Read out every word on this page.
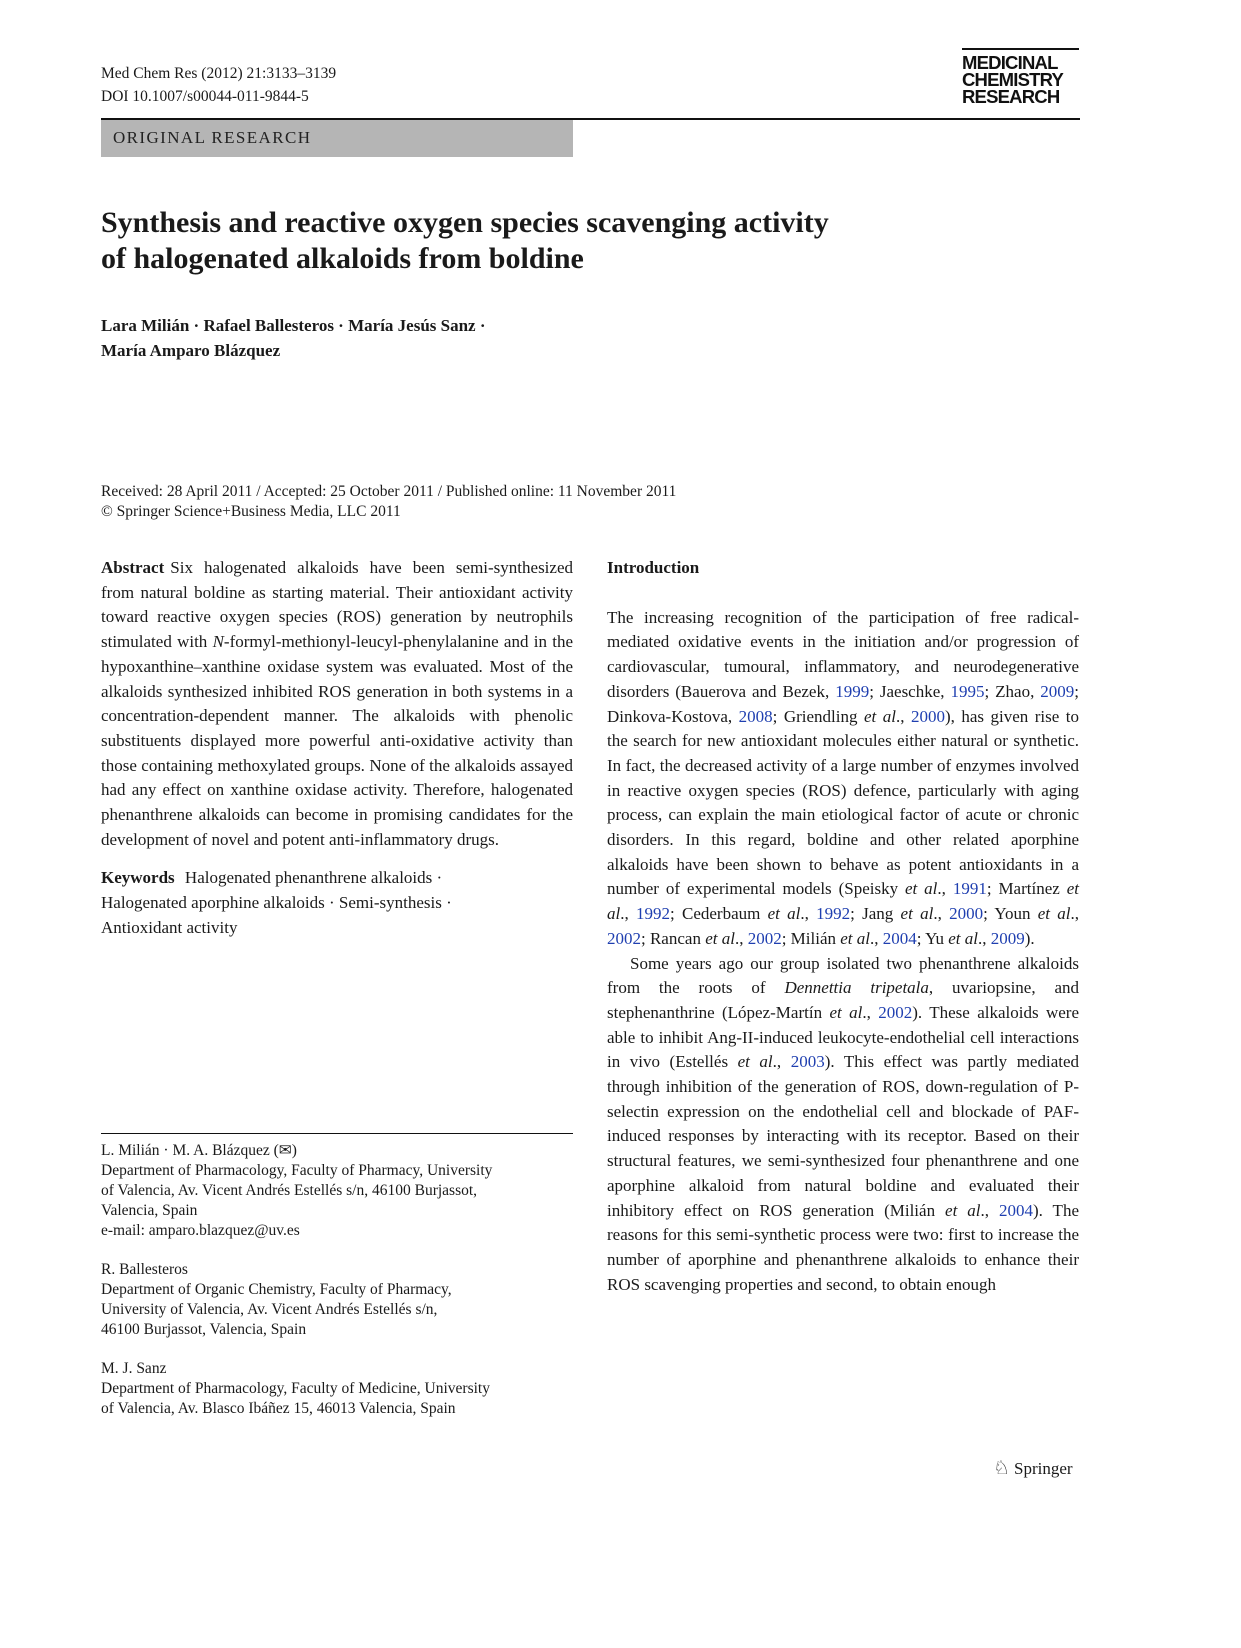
Med Chem Res (2012) 21:3133–3139
DOI 10.1007/s00044-011-9844-5
MEDICINAL
CHEMISTRY
RESEARCH
ORIGINAL RESEARCH
Synthesis and reactive oxygen species scavenging activity
of halogenated alkaloids from boldine
Lara Milián · Rafael Ballesteros · María Jesús Sanz ·
María Amparo Blázquez
Received: 28 April 2011 / Accepted: 25 October 2011 / Published online: 11 November 2011
© Springer Science+Business Media, LLC 2011

Abstract Six halogenated alkaloids have been semi-synthesized from natural boldine as starting material. Their antioxidant activity toward reactive oxygen species (ROS) generation by neutrophils stimulated with N-formyl-methionyl-leucyl-phenylalanine and in the hypoxanthine–xanthine oxidase system was evaluated. Most of the alkaloids synthesized inhibited ROS generation in both systems in a concentration-dependent manner. The alkaloids with phenolic substituents displayed more powerful anti-oxidative activity than those containing methoxylated groups. None of the alkaloids assayed had any effect on xanthine oxidase activity. Therefore, halogenated phenanthrene alkaloids can become in promising candidates for the development of novel and potent anti-inflammatory drugs.

Keywords Halogenated phenanthrene alkaloids ·
Halogenated aporphine alkaloids · Semi-synthesis ·
Antioxidant activity

L. Milián · M. A. Blázquez (✉)
Department of Pharmacology, Faculty of Pharmacy, University
of Valencia, Av. Vicent Andrés Estellés s/n, 46100 Burjassot,
Valencia, Spain
e-mail: amparo.blazquez@uv.es
R. Ballesteros
Department of Organic Chemistry, Faculty of Pharmacy,
University of Valencia, Av. Vicent Andrés Estellés s/n,
46100 Burjassot, Valencia, Spain
M. J. Sanz
Department of Pharmacology, Faculty of Medicine, University
of Valencia, Av. Blasco Ibáñez 15, 46013 Valencia, Spain

Introduction

The increasing recognition of the participation of free radical-mediated oxidative events in the initiation and/or progression of cardiovascular, tumoural, inflammatory, and neurodegenerative disorders (Bauerova and Bezek, 1999; Jaeschke, 1995; Zhao, 2009; Dinkova-Kostova, 2008; Griendling et al., 2000), has given rise to the search for new antioxidant molecules either natural or synthetic. In fact, the decreased activity of a large number of enzymes involved in reactive oxygen species (ROS) defence, particularly with aging process, can explain the main etiological factor of acute or chronic disorders. In this regard, boldine and other related aporphine alkaloids have been shown to behave as potent antioxidants in a number of experimental models (Speisky et al., 1991; Martínez et al., 1992; Cederbaum et al., 1992; Jang et al., 2000; Youn et al., 2002; Rancan et al., 2002; Milián et al., 2004; Yu et al., 2009).

Some years ago our group isolated two phenanthrene alkaloids from the roots of Dennettia tripetala, uvariopsine, and stephenanthrine (López-Martín et al., 2002). These alkaloids were able to inhibit Ang-II-induced leukocyte-endothelial cell interactions in vivo (Estellés et al., 2003). This effect was partly mediated through inhibition of the generation of ROS, down-regulation of P-selectin expression on the endothelial cell and blockade of PAF-induced responses by interacting with its receptor. Based on their structural features, we semi-synthesized four phenanthrene and one aporphine alkaloid from natural boldine and evaluated their inhibitory effect on ROS generation (Milián et al., 2004). The reasons for this semi-synthetic process were two: first to increase the number of aporphine and phenanthrene alkaloids to enhance their ROS scavenging properties and second, to obtain enough

♘ Springer
